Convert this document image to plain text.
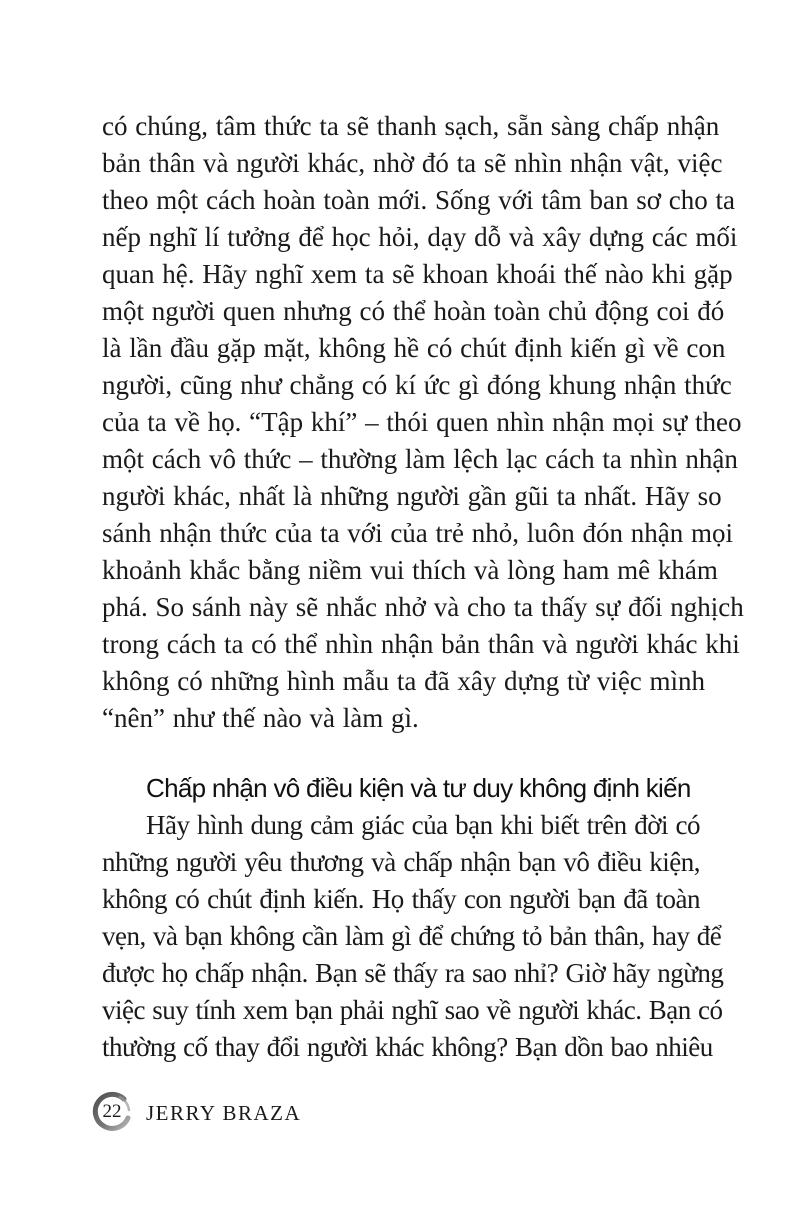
có chúng, tâm thức ta sẽ thanh sạch, sẵn sàng chấp nhận
bản thân và người khác, nhờ đó ta sẽ nhìn nhận vật, việc
theo một cách hoàn toàn mới. Sống với tâm ban sơ cho ta
nếp nghĩ lí tưởng để học hỏi, dạy dỗ và xây dựng các mối
quan hệ. Hãy nghĩ xem ta sẽ khoan khoái thế nào khi gặp
một người quen nhưng có thể hoàn toàn chủ động coi đó
là lần đầu gặp mặt, không hề có chút định kiến gì về con
người, cũng như chẳng có kí ức gì đóng khung nhận thức
của ta về họ. “Tập khí” – thói quen nhìn nhận mọi sự theo
một cách vô thức – thường làm lệch lạc cách ta nhìn nhận
người khác, nhất là những người gần gũi ta nhất. Hãy so
sánh nhận thức của ta với của trẻ nhỏ, luôn đón nhận mọi
khoảnh khắc bằng niềm vui thích và lòng ham mê khám
phá. So sánh này sẽ nhắc nhở và cho ta thấy sự đối nghịch
trong cách ta có thể nhìn nhận bản thân và người khác khi
không có những hình mẫu ta đã xây dựng từ việc mình
“nên” như thế nào và làm gì.
Chấp nhận vô điều kiện và tư duy không định kiến
Hãy hình dung cảm giác của bạn khi biết trên đời có
những người yêu thương và chấp nhận bạn vô điều kiện,
không có chút định kiến. Họ thấy con người bạn đã toàn
vẹn, và bạn không cần làm gì để chứng tỏ bản thân, hay để
được họ chấp nhận. Bạn sẽ thấy ra sao nhỉ? Giờ hãy ngừng
việc suy tính xem bạn phải nghĩ sao về người khác. Bạn có
thường cố thay đổi người khác không? Bạn dồn bao nhiêu
22	JERRY BRAZA
